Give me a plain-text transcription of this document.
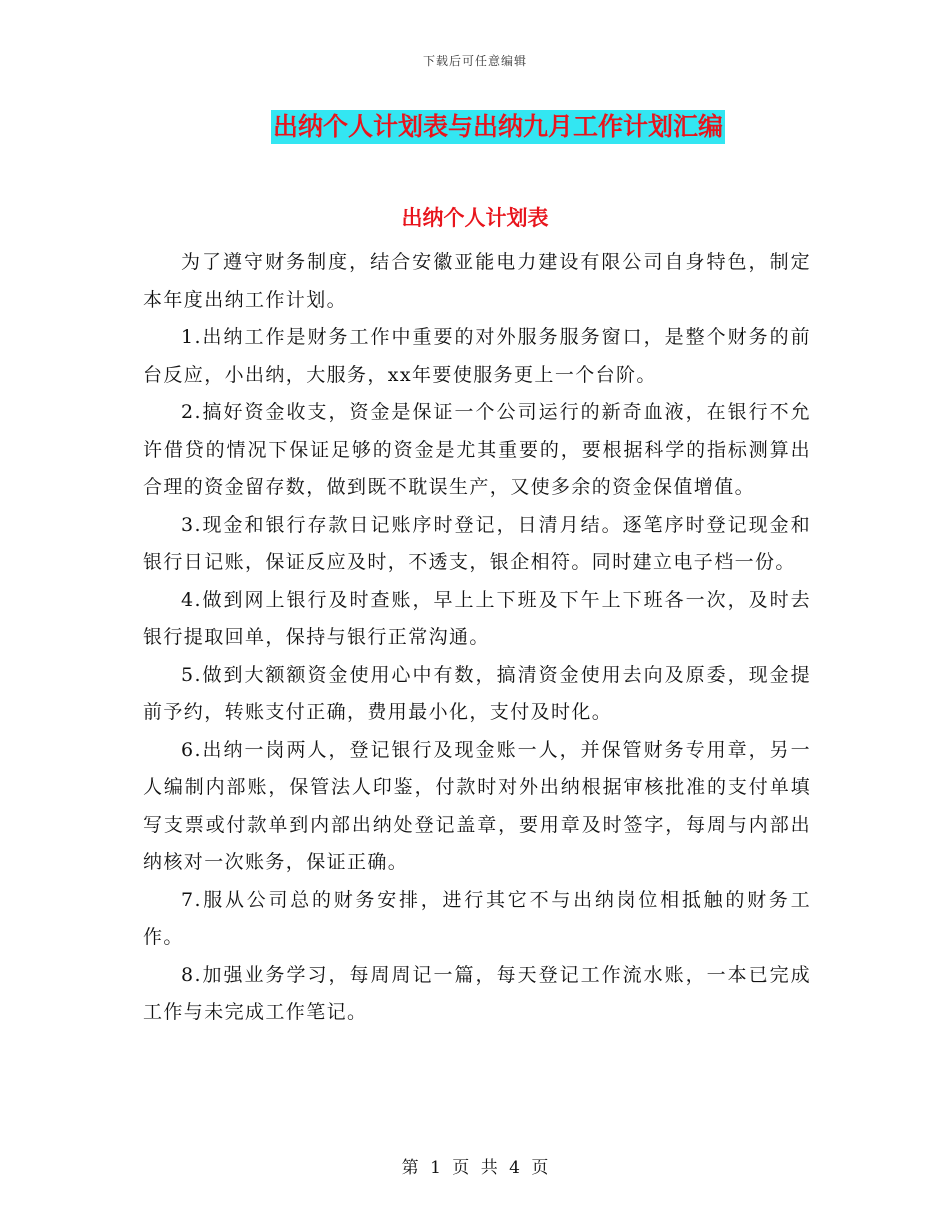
下载后可任意编辑
出纳个人计划表与出纳九月工作计划汇编
出纳个人计划表

为了遵守财务制度，结合安徽亚能电力建设有限公司自身特色，制定本年度出纳工作计划。

1.出纳工作是财务工作中重要的对外服务服务窗口，是整个财务的前台反应，小出纳，大服务，xx年要使服务更上一个台阶。

2.搞好资金收支，资金是保证一个公司运行的新奇血液，在银行不允许借贷的情况下保证足够的资金是尤其重要的，要根据科学的指标测算出合理的资金留存数，做到既不耽误生产，又使多余的资金保值增值。

3.现金和银行存款日记账序时登记，日清月结。逐笔序时登记现金和银行日记账，保证反应及时，不透支，银企相符。同时建立电子档一份。

4.做到网上银行及时查账，早上上下班及下午上下班各一次，及时去银行提取回单，保持与银行正常沟通。

5.做到大额额资金使用心中有数，搞清资金使用去向及原委，现金提前予约，转账支付正确，费用最小化，支付及时化。

6.出纳一岗两人，登记银行及现金账一人，并保管财务专用章，另一人编制内部账，保管法人印鉴，付款时对外出纳根据审核批准的支付单填写支票或付款单到内部出纳处登记盖章，要用章及时签字，每周与内部出纳核对一次账务，保证正确。

7.服从公司总的财务安排，进行其它不与出纳岗位相抵触的财务工作。

8.加强业务学习，每周周记一篇，每天登记工作流水账，一本已完成工作与未完成工作笔记。

第 1 页 共 4 页
